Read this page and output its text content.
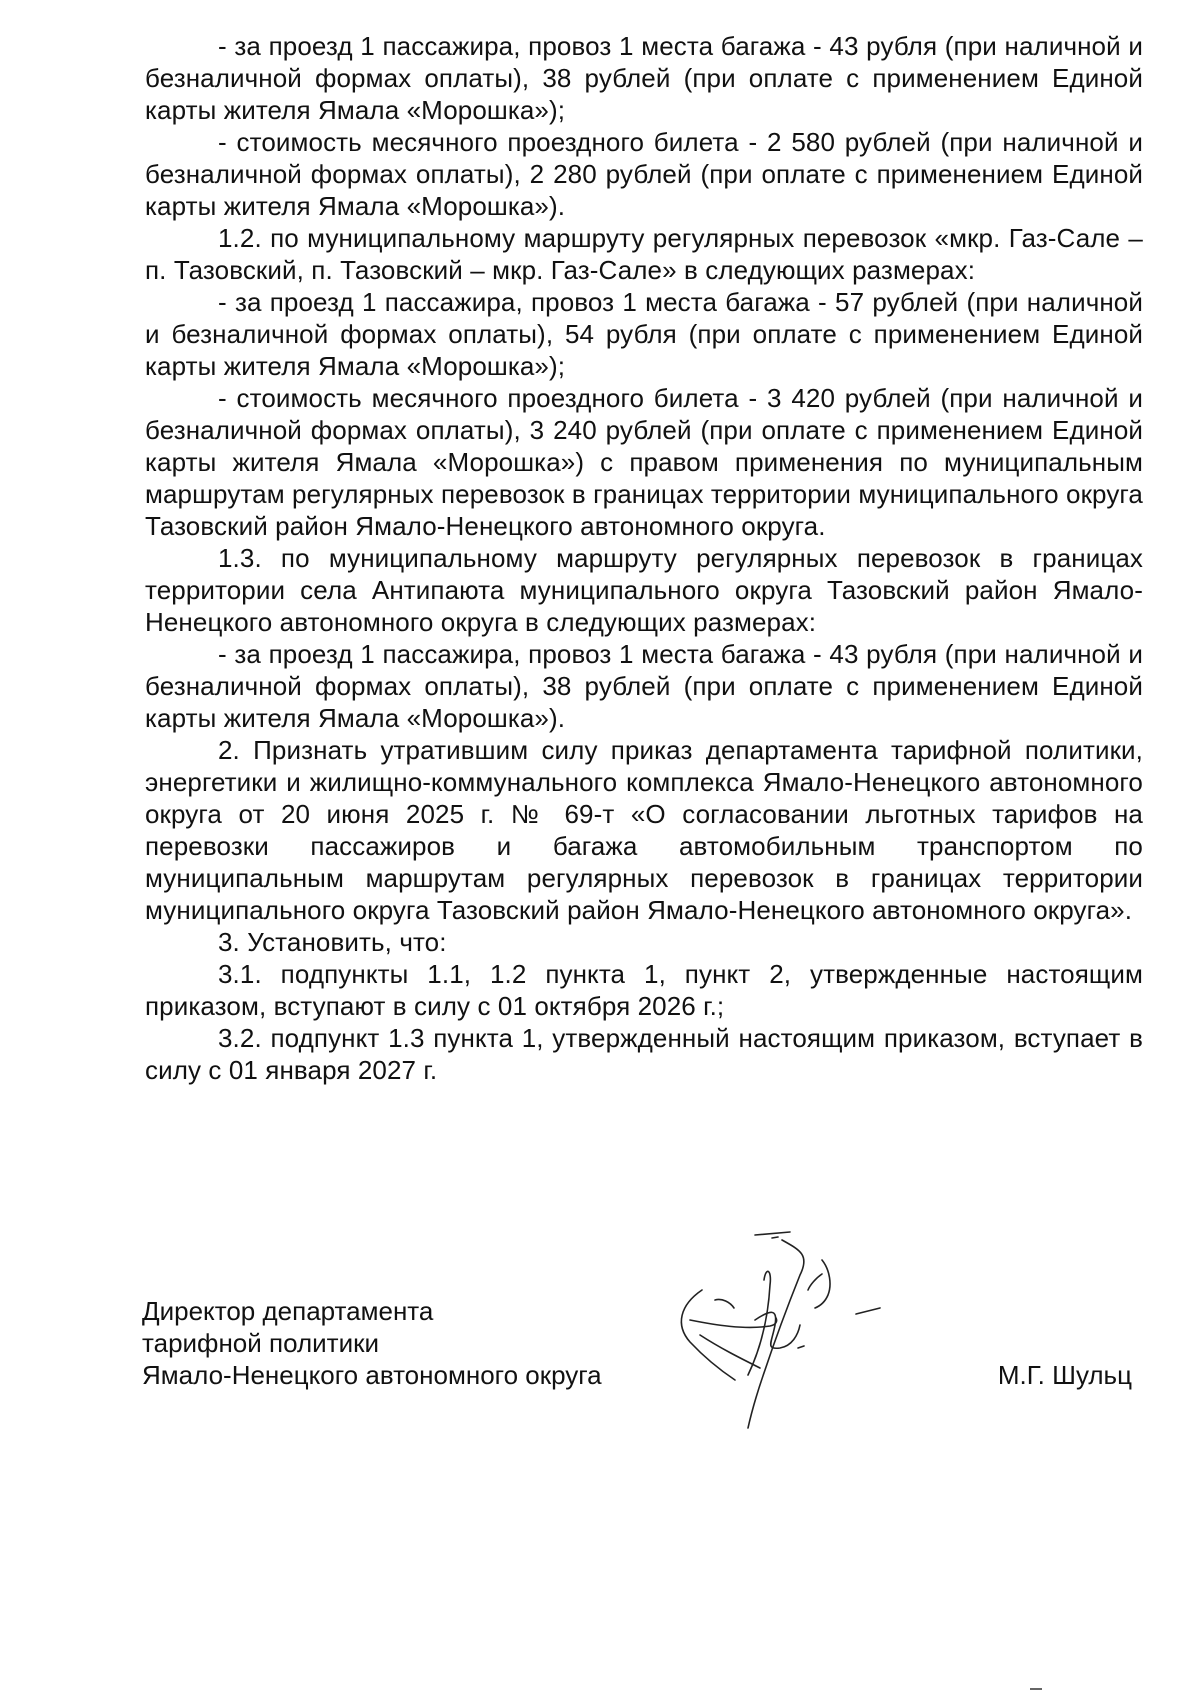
- за проезд 1 пассажира, провоз 1 места багажа - 43 рубля (при наличной и безналичной формах оплаты), 38 рублей (при оплате с применением Единой карты жителя Ямала «Морошка»);

- стоимость месячного проездного билета - 2 580 рублей (при наличной и безналичной формах оплаты), 2 280 рублей (при оплате с применением Единой карты жителя Ямала «Морошка»).

1.2. по муниципальному маршруту регулярных перевозок «мкр. Газ-Сале – п. Тазовский, п. Тазовский – мкр. Газ-Сале» в следующих размерах:

- за проезд 1 пассажира, провоз 1 места багажа - 57 рублей (при наличной и безналичной формах оплаты), 54 рубля (при оплате с применением Единой карты жителя Ямала «Морошка»);

- стоимость месячного проездного билета - 3 420 рублей (при наличной и безналичной формах оплаты), 3 240 рублей (при оплате с применением Единой карты жителя Ямала «Морошка») с правом применения по муниципальным маршрутам регулярных перевозок в границах территории муниципального округа Тазовский район Ямало-Ненецкого автономного округа.

1.3. по муниципальному маршруту регулярных перевозок в границах территории села Антипаюта муниципального округа Тазовский район Ямало-Ненецкого автономного округа в следующих размерах:

- за проезд 1 пассажира, провоз 1 места багажа - 43 рубля (при наличной и безналичной формах оплаты), 38 рублей (при оплате с применением Единой карты жителя Ямала «Морошка»).

2. Признать утратившим силу приказ департамента тарифной политики, энергетики и жилищно-коммунального комплекса Ямало-Ненецкого автономного округа от 20 июня 2025 г. № 69-т «О согласовании льготных тарифов на перевозки пассажиров и багажа автомобильным транспортом по муниципальным маршрутам регулярных перевозок в границах территории муниципального округа Тазовский район Ямало-Ненецкого автономного округа».

3. Установить, что:

3.1. подпункты 1.1, 1.2 пункта 1, пункт 2, утвержденные настоящим приказом, вступают в силу с 01 октября 2026 г.;

3.2. подпункт 1.3 пункта 1, утвержденный настоящим приказом, вступает в силу с 01 января 2027 г.

Директор департамента
тарифной политики
Ямало-Ненецкого автономного округа	М.Г. Шульц
